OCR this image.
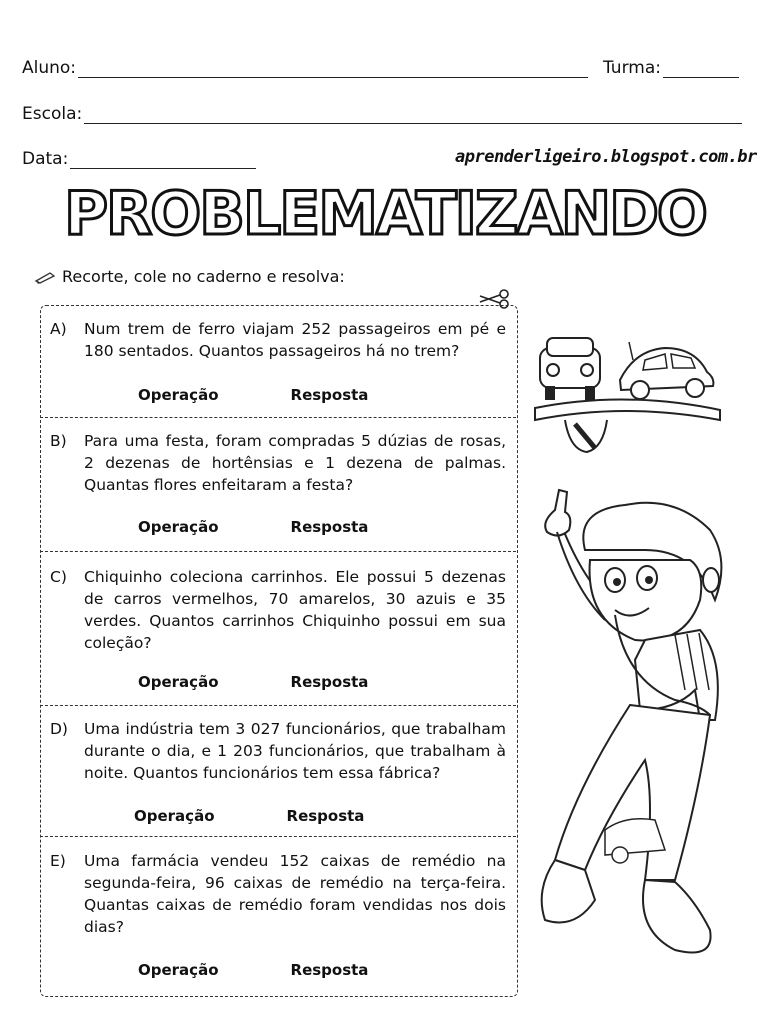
Aluno:	Turma:
Escola:
Data:	aprenderligeiro.blogspot.com.br
PROBLEMATIZANDO
Recorte, cole no caderno e resolva:
A) Num trem de ferro viajam 252 passageiros em pé e 180 sentados. Quantos passageiros há no trem?
Operação	Resposta
B) Para uma festa, foram compradas 5 dúzias de rosas, 2 dezenas de hortênsias e 1 dezena de palmas. Quantas flores enfeitaram a festa?
Operação	Resposta
C) Chiquinho coleciona carrinhos. Ele possui 5 dezenas de carros vermelhos, 70 amarelos, 30 azuis e 35 verdes. Quantos carrinhos Chiquinho possui em sua coleção?
Operação	Resposta
D) Uma indústria tem 3 027 funcionários, que trabalham durante o dia, e 1 203 funcionários, que trabalham à noite. Quantos funcionários tem essa fábrica?
Operação	Resposta
E) Uma farmácia vendeu 152 caixas de remédio na segunda-feira, 96 caixas de remédio na terça-feira. Quantas caixas de remédio foram vendidas nos dois dias?
Operação	Resposta
